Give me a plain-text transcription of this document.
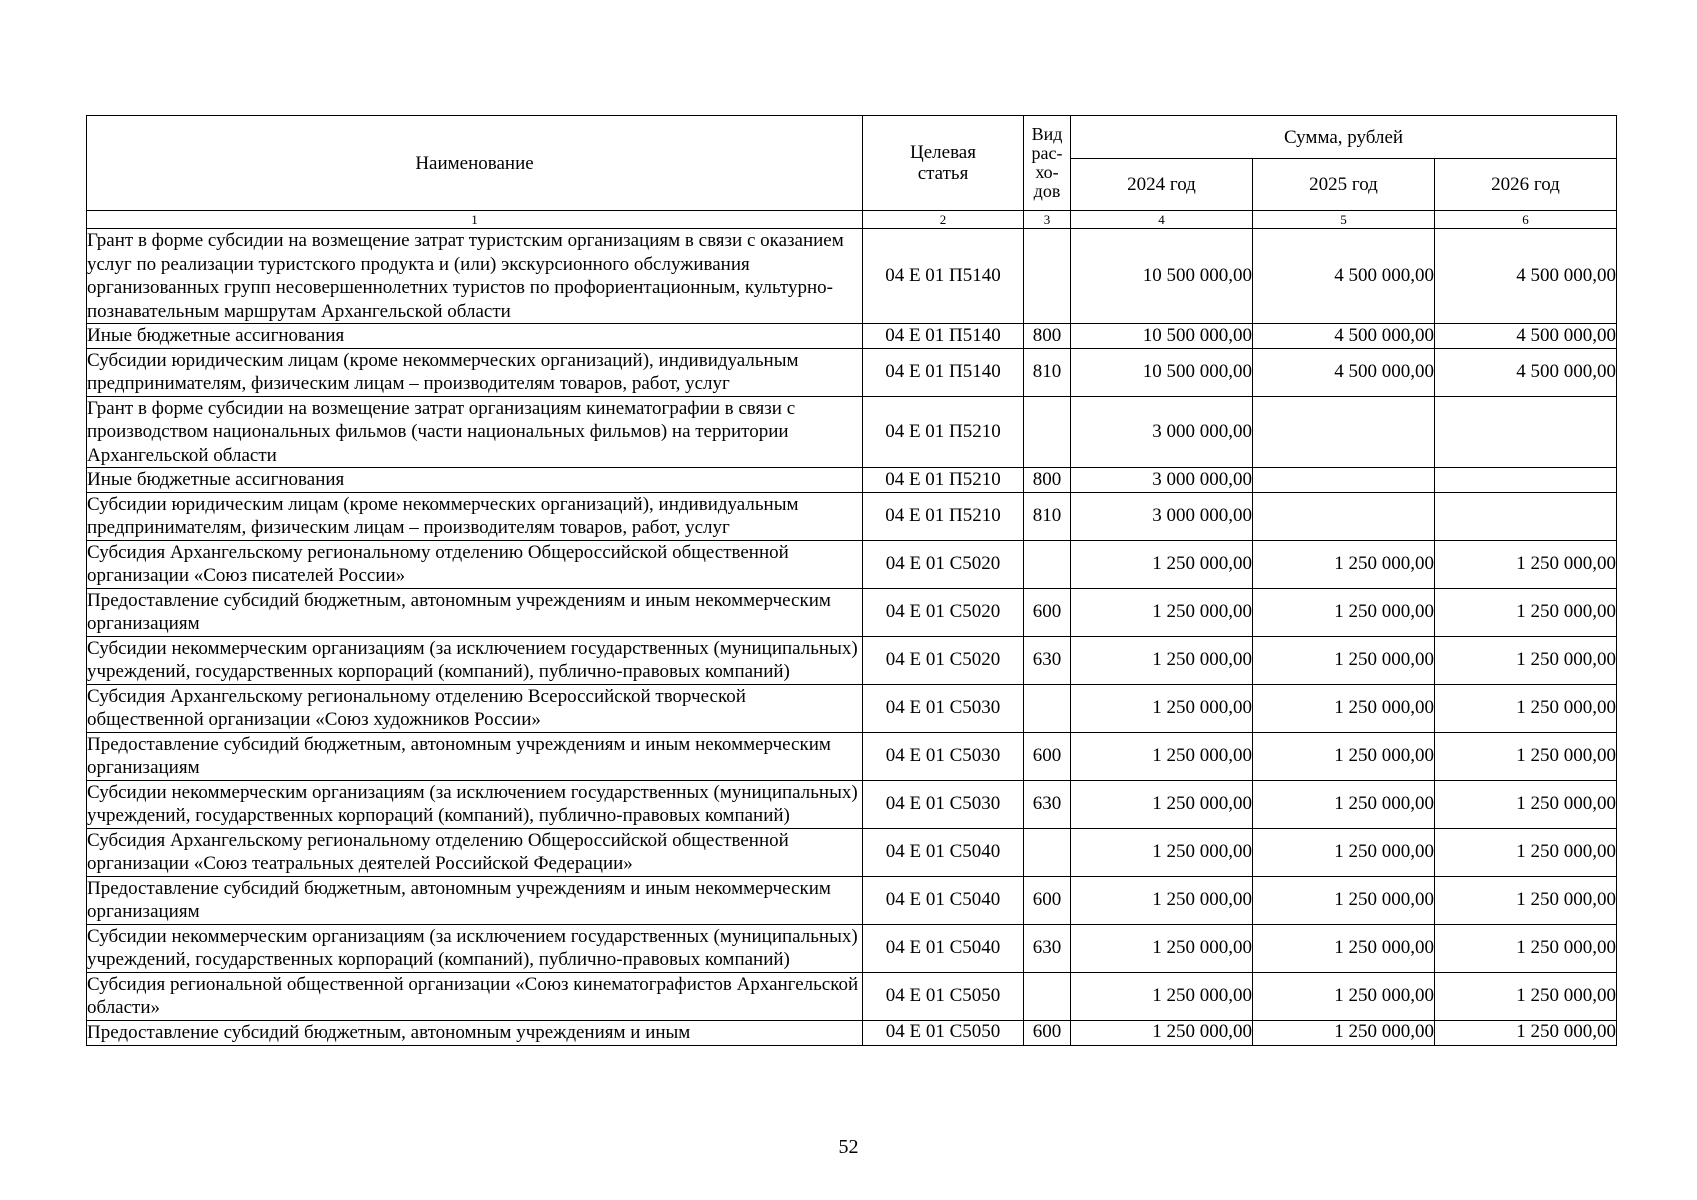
Наименование	Целевая статья	Вид рас-хо-дов	Сумма, рублей		
			2024 год	2025 год	2026 год
1	2	3	4	5	6
Грант в форме субсидии на возмещение затрат туристским организациям в связи с оказанием услуг по реализации туристского продукта и (или) экскурсионного обслуживания организованных групп несовершеннолетних туристов по профориентационным, культурно-познавательным маршрутам Архангельской области	04 Е 01 П5140		10 500 000,00	4 500 000,00	4 500 000,00
Иные бюджетные ассигнования	04 Е 01 П5140	800	10 500 000,00	4 500 000,00	4 500 000,00
Субсидии юридическим лицам (кроме некоммерческих организаций), индивидуальным предпринимателям, физическим лицам – производителям товаров, работ, услуг	04 Е 01 П5140	810	10 500 000,00	4 500 000,00	4 500 000,00
Грант в форме субсидии на возмещение затрат организациям кинематографии в связи с производством национальных фильмов (части национальных фильмов) на территории Архангельской области	04 Е 01 П5210		3 000 000,00		
Иные бюджетные ассигнования	04 Е 01 П5210	800	3 000 000,00		
Субсидии юридическим лицам (кроме некоммерческих организаций), индивидуальным предпринимателям, физическим лицам – производителям товаров, работ, услуг	04 Е 01 П5210	810	3 000 000,00		
Субсидия Архангельскому региональному отделению Общероссийской общественной организации «Союз писателей России»	04 Е 01 С5020		1 250 000,00	1 250 000,00	1 250 000,00
Предоставление субсидий бюджетным, автономным учреждениям и иным некоммерческим организациям	04 Е 01 С5020	600	1 250 000,00	1 250 000,00	1 250 000,00
Субсидии некоммерческим организациям (за исключением государственных (муниципальных) учреждений, государственных корпораций (компаний), публично-правовых компаний)	04 Е 01 С5020	630	1 250 000,00	1 250 000,00	1 250 000,00
Субсидия Архангельскому региональному отделению Всероссийской творческой общественной организации «Союз художников России»	04 Е 01 С5030		1 250 000,00	1 250 000,00	1 250 000,00
Предоставление субсидий бюджетным, автономным учреждениям и иным некоммерческим организациям	04 Е 01 С5030	600	1 250 000,00	1 250 000,00	1 250 000,00
Субсидии некоммерческим организациям (за исключением государственных (муниципальных) учреждений, государственных корпораций (компаний), публично-правовых компаний)	04 Е 01 С5030	630	1 250 000,00	1 250 000,00	1 250 000,00
Субсидия Архангельскому региональному отделению Общероссийской общественной организации «Союз театральных деятелей Российской Федерации»	04 Е 01 С5040		1 250 000,00	1 250 000,00	1 250 000,00
Предоставление субсидий бюджетным, автономным учреждениям и иным некоммерческим организациям	04 Е 01 С5040	600	1 250 000,00	1 250 000,00	1 250 000,00
Субсидии некоммерческим организациям (за исключением государственных (муниципальных) учреждений, государственных корпораций (компаний), публично-правовых компаний)	04 Е 01 С5040	630	1 250 000,00	1 250 000,00	1 250 000,00
Субсидия региональной общественной организации «Союз кинематографистов Архангельской области»	04 Е 01 С5050		1 250 000,00	1 250 000,00	1 250 000,00
Предоставление субсидий бюджетным, автономным учреждениям и иным	04 Е 01 С5050	600	1 250 000,00	1 250 000,00	1 250 000,00
52
